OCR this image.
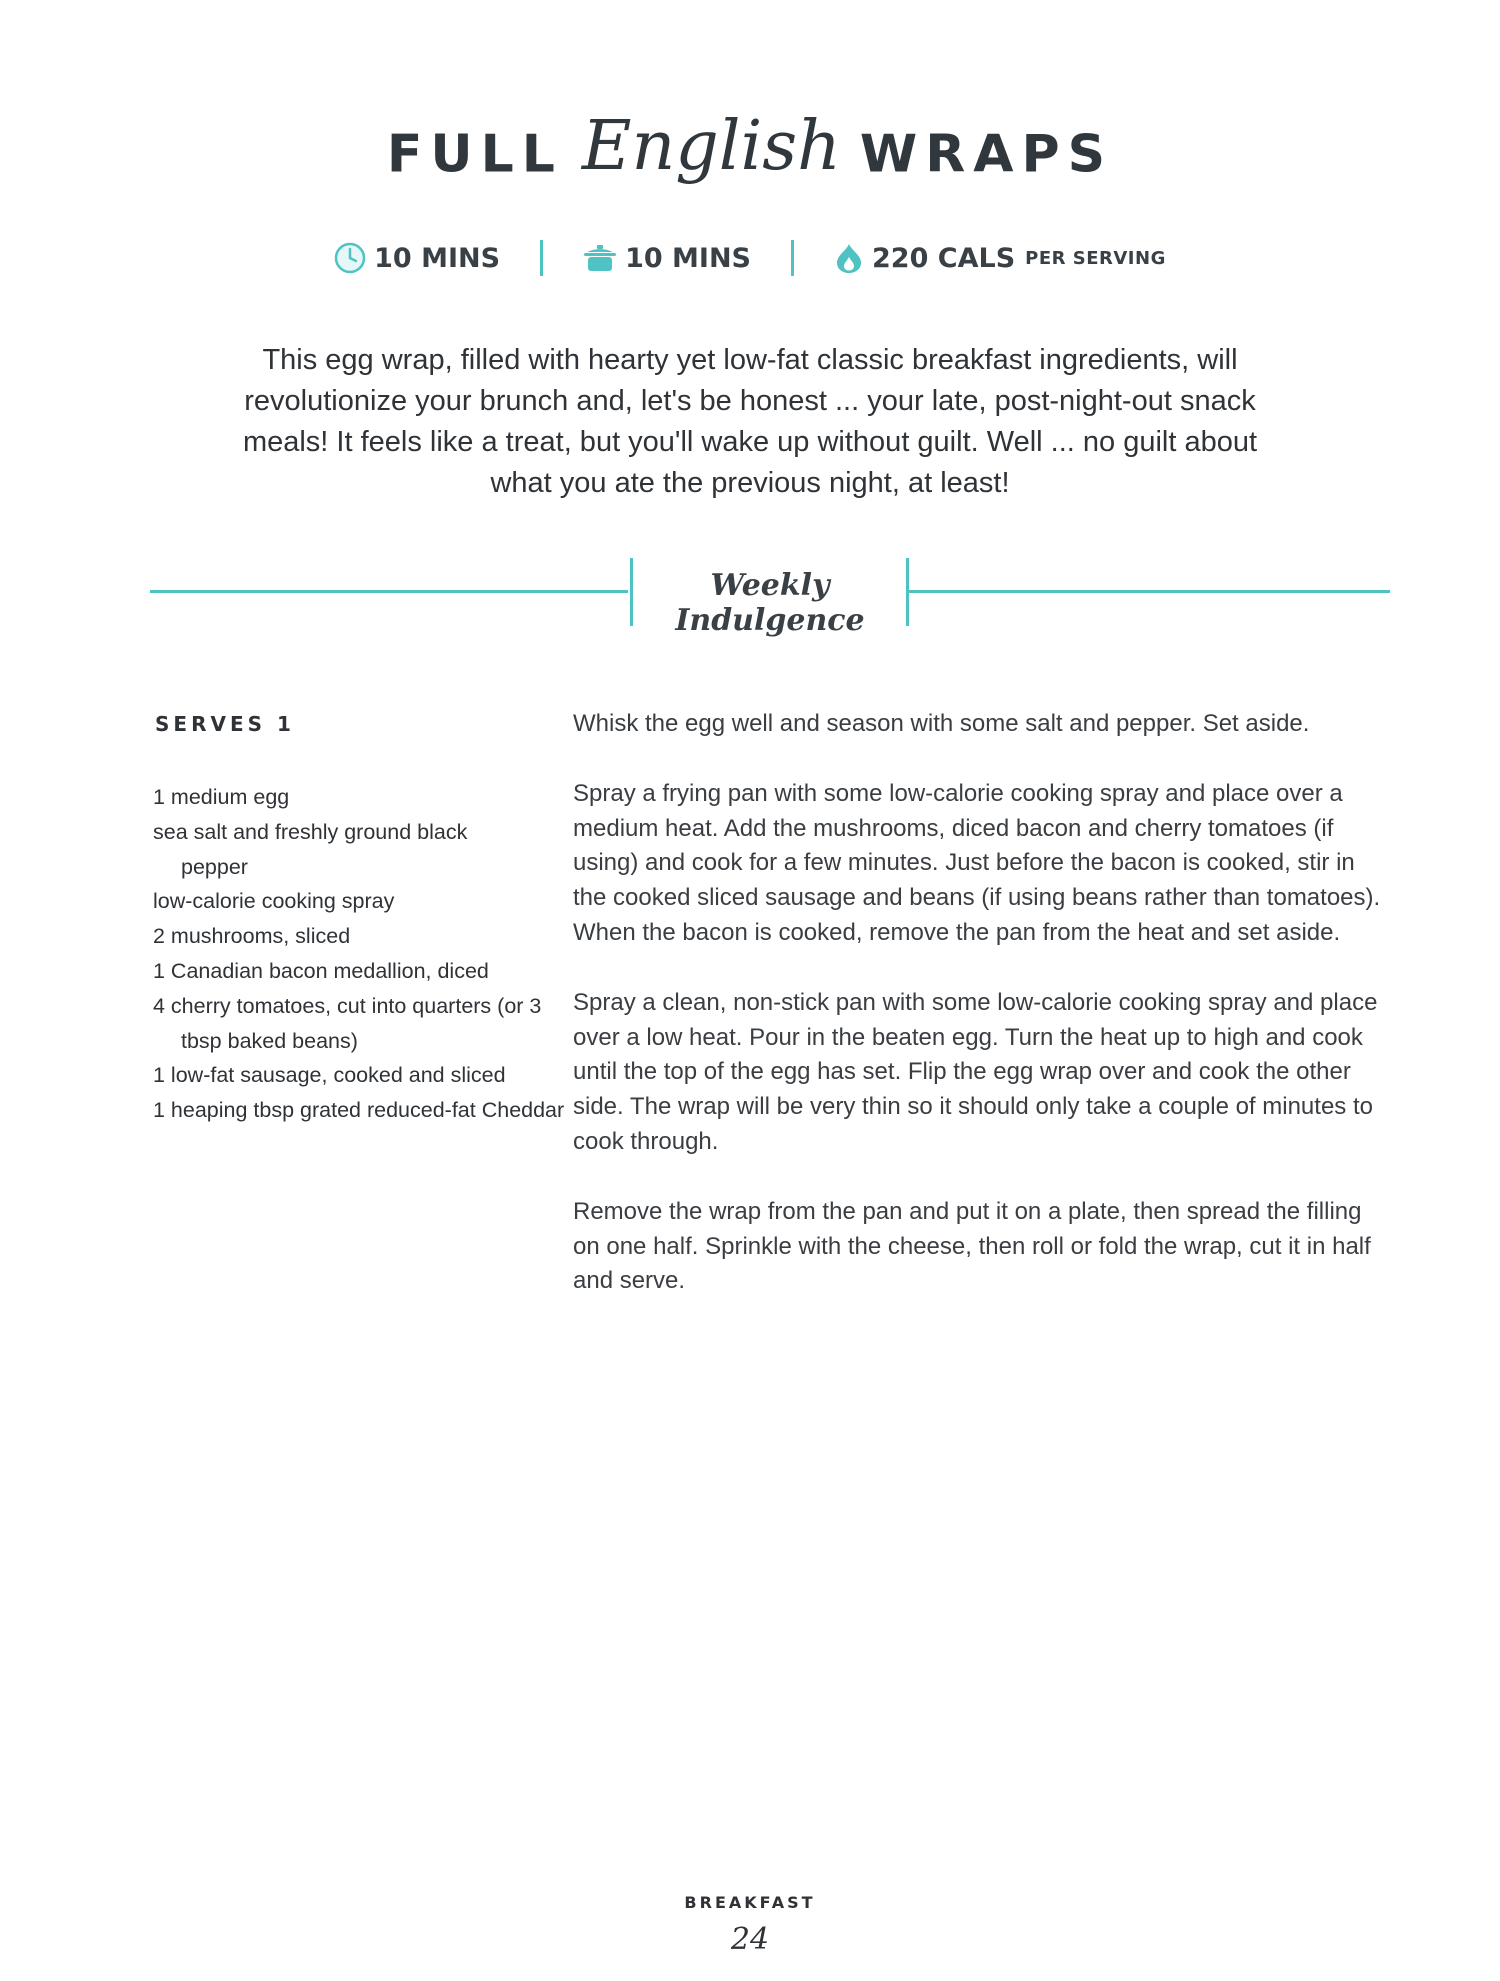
FULL English WRAPS
10 MINS	10 MINS	220 CALS PER SERVING

This egg wrap, filled with hearty yet low-fat classic breakfast ingredients, will revolutionize your brunch and, let's be honest ... your late, post-night-out snack meals! It feels like a treat, but you'll wake up without guilt. Well ... no guilt about what you ate the previous night, at least!

Weekly Indulgence
SERVES 1
1 medium egg
sea salt and freshly ground black pepper
low-calorie cooking spray
2 mushrooms, sliced
1 Canadian bacon medallion, diced
4 cherry tomatoes, cut into quarters (or 3 tbsp baked beans)
1 low-fat sausage, cooked and sliced
1 heaping tbsp grated reduced-fat Cheddar

Whisk the egg well and season with some salt and pepper. Set aside.

Spray a frying pan with some low-calorie cooking spray and place over a medium heat. Add the mushrooms, diced bacon and cherry tomatoes (if using) and cook for a few minutes. Just before the bacon is cooked, stir in the cooked sliced sausage and beans (if using beans rather than tomatoes). When the bacon is cooked, remove the pan from the heat and set aside.

Spray a clean, non-stick pan with some low-calorie cooking spray and place over a low heat. Pour in the beaten egg. Turn the heat up to high and cook until the top of the egg has set. Flip the egg wrap over and cook the other side. The wrap will be very thin so it should only take a couple of minutes to cook through.

Remove the wrap from the pan and put it on a plate, then spread the filling on one half. Sprinkle with the cheese, then roll or fold the wrap, cut it in half and serve.

BREAKFAST
24
